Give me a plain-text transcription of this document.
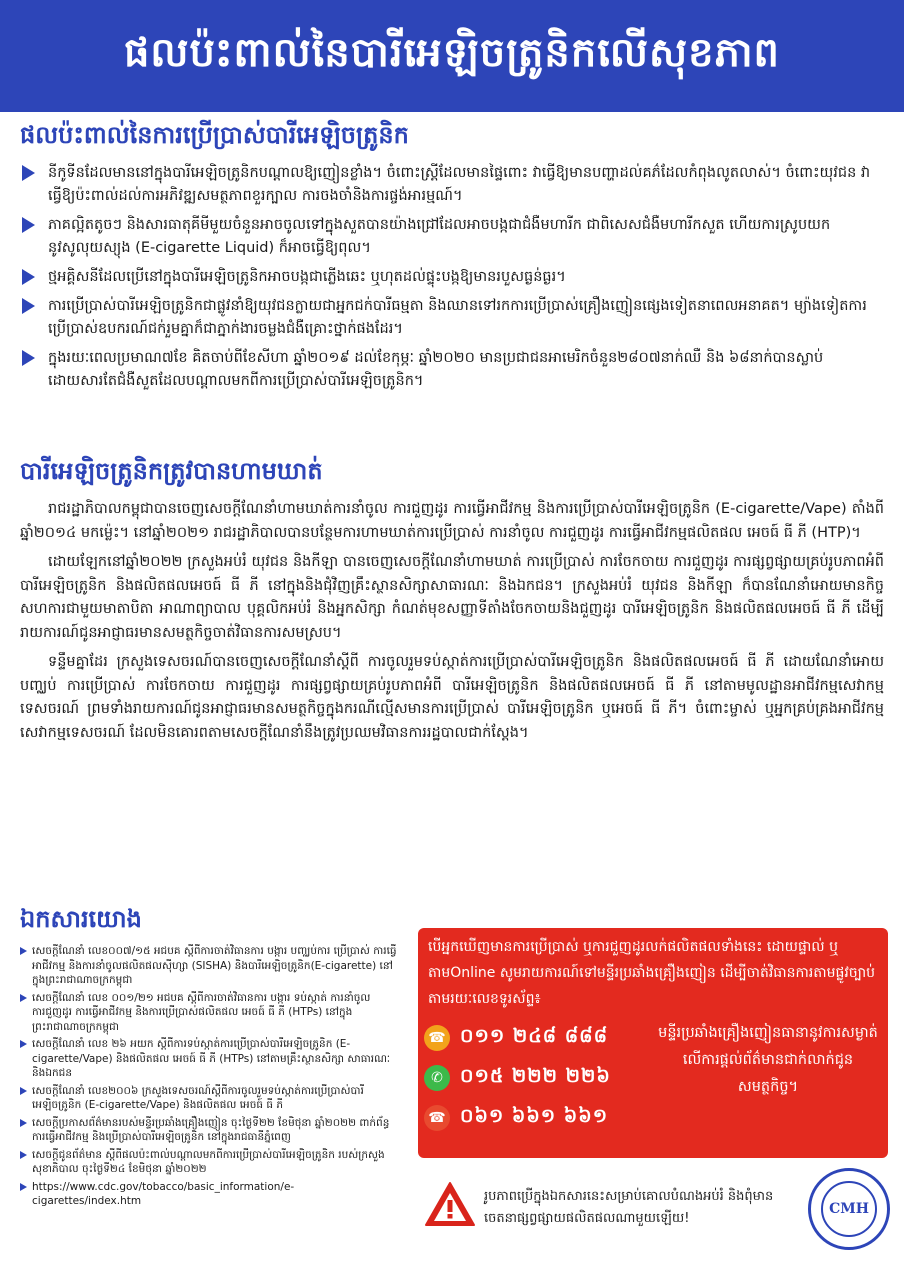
ផលប៉ះពាល់នៃបារីអេឡិចត្រូនិកលើសុខភាព
ផលប៉ះពាល់នៃការប្រើប្រាស់បារីអេឡិចត្រូនិក
នីកូទីនដែលមាននៅក្នុងបារីអេឡិចត្រូនិកបណ្តាលឱ្យញៀនខ្លាំង។ ចំពោះស្ត្រីដែលមានផ្ទៃពោះ វាធ្វើឱ្យមានបញ្ហាដល់គភ៌ដែលកំពុងលូតលាស់។ ចំពោះយុវជន វាធ្វើឱ្យប៉ះពាល់ដល់ការអភិវឌ្ឍសមត្ថភាពខួរក្បាល ការចងចាំនិងការផ្ចង់អារម្មណ៍។
ភាគល្អិតតូចៗ និងសារធាតុគីមីមួយចំនួនអាចចូលទៅក្នុងសួតបានយ៉ាងជ្រៅដែលអាចបង្កជាជំងឺមហារីក ជាពិសេសជំងឺមហារីកសួត ហើយការស្រូបយកនូវសូលុយស្យុង (E-cigarette Liquid) ក៏អាចធ្វើឱ្យពុល។
ថ្មអគ្គិសនីដែលប្រើនៅក្នុងបារីអេឡិចត្រូនិកអាចបង្កជាភ្លើងឆេះ ឬហុតដល់ផ្ទុះបង្កឱ្យមានរបួសធ្ងន់ធ្ងរ។
ការប្រើប្រាស់បារីអេឡិចត្រូនិកជាផ្លូវនាំឱ្យយុវជនក្លាយជាអ្នកជក់បារីធម្មតា និងឈានទៅរកការប្រើប្រាស់គ្រឿងញៀនផ្សេងទៀតនាពេលអនាគត។ ម្យ៉ាងទៀតការប្រើប្រាស់ឧបករណ៍ជក់រួមគ្នាក៏ជាភ្នាក់ងារចម្លងជំងឺគ្រោះថ្នាក់ផងដែរ។
ក្នុងរយៈពេលប្រមាណ៧ខែ គិតចាប់ពីខែសីហា ឆ្នាំ២០១៩ ដល់ខែកុម្ភៈ ឆ្នាំ២០២០ មានប្រជាជនអាមេរិកចំនួន២៨០៧នាក់ឈឺ និង ៦៨នាក់បានស្លាប់ដោយសារតែជំងឺសួតដែលបណ្តាលមកពីការប្រើប្រាស់បារីអេឡិចត្រូនិក។
បារីអេឡិចត្រូនិកត្រូវបានហាមឃាត់

រាជរដ្ឋាភិបាលកម្ពុជាបានចេញសេចក្តីណែនាំហាមឃាត់ការនាំចូល ការជួញដូរ ការធ្វើអាជីវកម្ម និងការប្រើប្រាស់បារីអេឡិចត្រូនិក (E-cigarette/Vape) តាំងពីឆ្នាំ២០១៤ មកម្ល៉េះ។ នៅឆ្នាំ២០២១ រាជរដ្ឋាភិបាលបានបន្ថែមការហាមឃាត់ការប្រើប្រាស់ ការនាំចូល ការជួញដូរ ការធ្វើអាជីវកម្មផលិតផល អេចធ៍ ធី ភី (HTP)។

ដោយឡែកនៅឆ្នាំ២០២២ ក្រសួងអប់រំ យុវជន និងកីឡា បានចេញសេចក្តីណែនាំហាមឃាត់ ការប្រើប្រាស់ ការចែកចាយ ការជួញដូរ ការផ្សព្វផ្សាយគ្រប់រូបភាពអំពីបារីអេឡិចត្រូនិក និងផលិតផលអេចធ៍ ធី ភី នៅក្នុងនិងជុំវិញគ្រឹះស្ថានសិក្សាសាធារណៈ និងឯកជន។ ក្រសួងអប់រំ យុវជន និងកីឡា ក៏បានណែនាំអោយមានកិច្ចសហការជាមួយមាតាបិតា អាណាព្យាបាល បុគ្គលិកអប់រំ និងអ្នកសិក្សា កំណត់មុខសញ្ញាទីតាំងចែកចាយនិងជួញដូរ បារីអេឡិចត្រូនិក និងផលិតផលអេចធ៍ ធី ភី ដើម្បីរាយការណ៍ជូនអាជ្ញាធរមានសមត្ថកិច្ចចាត់វិធានការសមស្រប។

ទន្ទឹមគ្នាដែរ ក្រសួងទេសចរណ៍បានចេញសេចក្តីណែនាំស្តីពី ការចូលរួមទប់ស្កាត់ការប្រើប្រាស់បារីអេឡិចត្រូនិក និងផលិតផលអេចធ៍ ធី ភី ដោយណែនាំអោយបញ្ឈប់ ការប្រើប្រាស់ ការចែកចាយ ការជួញដូរ ការផ្សព្វផ្សាយគ្រប់រូបភាពអំពី បារីអេឡិចត្រូនិក និងផលិតផលអេចធ៍ ធី ភី នៅតាមមូលដ្ឋានអាជីវកម្មសេវាកម្មទេសចរណ៍ ព្រមទាំងរាយការណ៍ជូនអាជ្ញាធរមានសមត្ថកិច្ចក្នុងករណីល្មើសមានការប្រើប្រាស់ បារីអេឡិចត្រូនិក ឬអេចធ៍ ធី ភី។ ចំពោះម្ចាស់ ឬអ្នកគ្រប់គ្រងអាជីវកម្មសេវាកម្មទេសចរណ៍ ដែលមិនគោរពតាមសេចក្តីណែនាំនឹងត្រូវប្រឈមវិធានការរដ្ឋបាលជាក់ស្តែង។

ឯកសារយោង
សេចក្តីណែនាំ លេខ០០៧/១៥ អជបគ ស្តីពីការចាត់វិធានការ បង្ការ បញ្ឈប់ការ ប្រើប្រាស់ ការធ្វើអាជីវកម្ម និងការនាំចូលផលិតផលស៊ីហ្សា (SISHA) និងបារីអេឡិចត្រូនិក(E-cigarette) នៅក្នុងព្រះរាជាណាចក្រកម្ពុជា
សេចក្តីណែនាំ លេខ ០០១/២១ អជបគ ស្តីពីការចាត់វិធានការ បង្ការ ទប់ស្កាត់ ការនាំចូល ការជួញដូរ ការធ្វើអាជីវកម្ម និងការប្រើប្រាស់ផលិតផល អេចធ៍ ធី ភី (HTPs) នៅក្នុងព្រះរាជាណាចក្រកម្ពុជា
សេចក្តីណែនាំ លេខ ២៦ អយក ស្តីពីការទប់ស្កាត់ការប្រើប្រាស់បារីអេឡិចត្រូនិក (E-cigarette/Vape) និងផលិតផល អេចធ៍ ធី ភី (HTPs) នៅតាមគ្រឹះស្ថានសិក្សា សាធារណៈ និងឯកជន
សេចក្តីណែនាំ លេខ២០០៦ ក្រសួងទេសចរណ៍ស្តីពីការចូលរួមទប់ស្កាត់ការប្រើប្រាស់បារីអេឡិចត្រូនិក (E-cigarette/Vape) និងផលិតផល អេចធ៍ ធី ភី
សេចក្តីប្រកាសព័ត៌មានរបស់មន្ទីរប្រឆាំងគ្រឿងញៀន ចុះថ្ងៃទី២២ ខែមិថុនា ឆ្នាំ២០២២ ពាក់ព័ន្ធការធ្វើអាជីវកម្ម និងប្រើប្រាស់បារីអេឡិចត្រូនិក នៅក្នុងរាជធានីភ្នំពេញ
សេចក្តីជូនព័ត៌មាន ស្តីពីផលប៉ះពាល់បណ្តាលមកពីការប្រើប្រាស់បារីអេឡិចត្រូនិក របស់ក្រសួងសុខាភិបាល ចុះថ្ងៃទី២៤ ខែមិថុនា ឆ្នាំ២០២២
https://www.cdc.gov/tobacco/basic_information/e-cigarettes/index.htm
បើអ្នកឃើញមានការប្រើប្រាស់ ឬការជួញដូរលក់ផលិតផលទាំងនេះ ដោយផ្ទាល់ ឬតាមOnline សូមរាយការណ៍ទៅមន្ទីរប្រឆាំងគ្រឿងញៀន ដើម្បីចាត់វិធានការតាមផ្លូវច្បាប់ តាមរយៈលេខទូរស័ព្ទ៖
☎ ០១១ ២៤៨ ៨៨៨
✆ ០១៥ ២២២ ២២៦
☎ ០៦១ ៦៦១ ៦៦១
មន្ទីរប្រឆាំងគ្រឿងញៀនធានានូវការសម្ងាត់លើការផ្តល់ព័ត៌មានជាក់លាក់ជូនសមត្ថកិច្ច។
រូបភាពប្រើក្នុងឯកសារនេះសម្រាប់គោលបំណងអប់រំ និងពុំមានចេតនាផ្សព្វផ្សាយផលិតផលណាមួយឡើយ!
CMH
